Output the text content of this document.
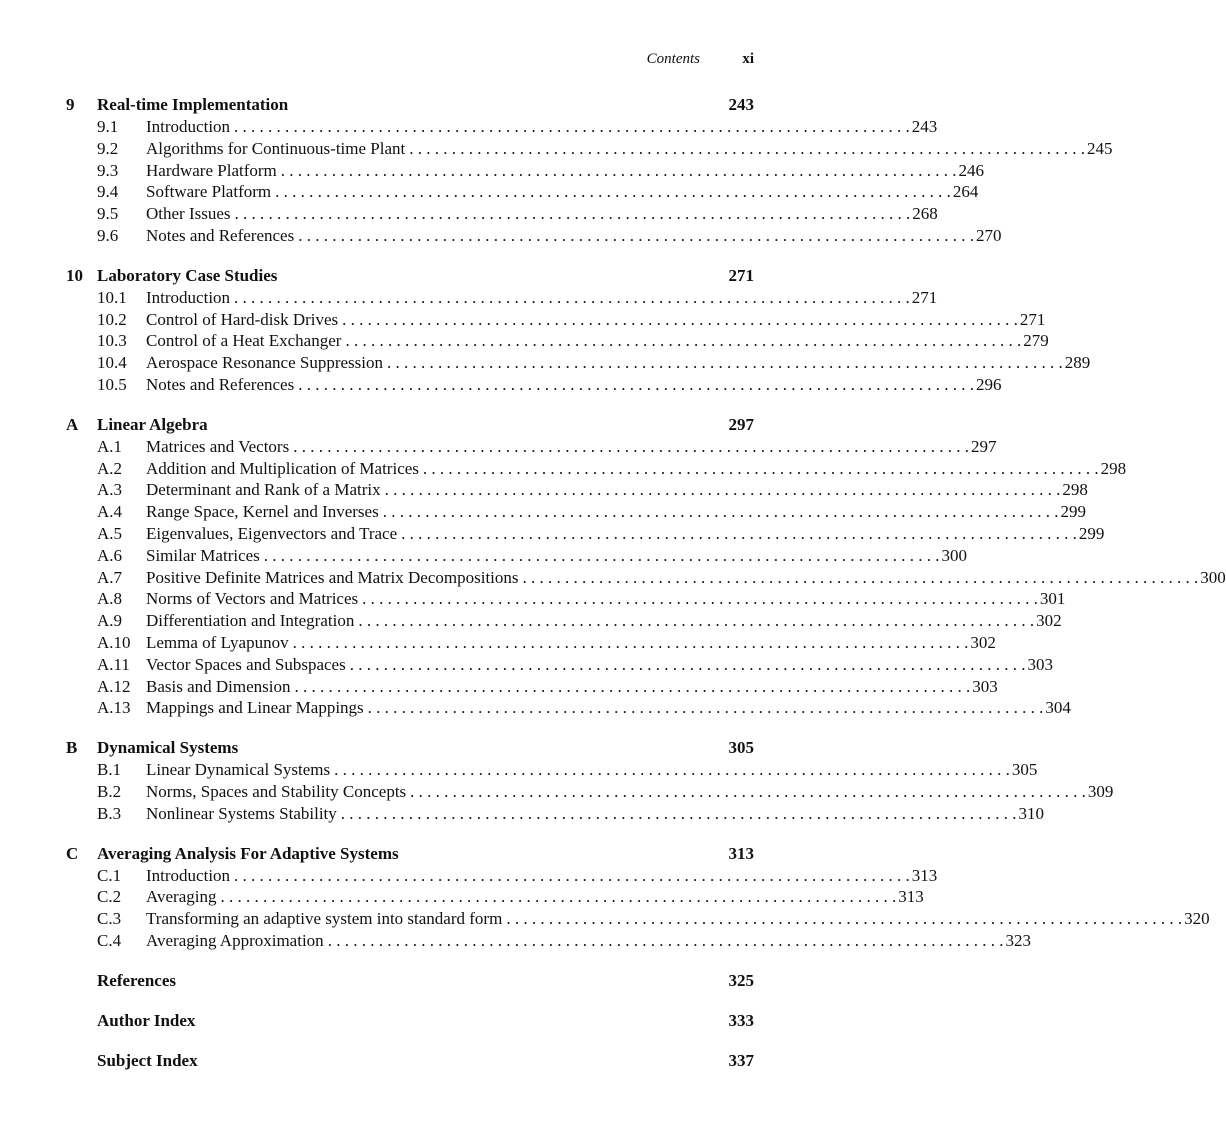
Contents	xi
9 Real-time Implementation	243
9.1 Introduction . . . . . . . . . . . . . . . . . . . . . . . . . . . . . . . . . . . . . . . . . . . . . . . . . . . . . . . . . . . . . . . . . . . . . . . . . . . . . . . . 243
9.2 Algorithms for Continuous-time Plant . . . . . . . . . . . . . . . . . . . . . . . . . . . . . . . . . . . . . . . . . . . . . . . . . . . . . . . . . . . . . . . . . . . . . . . . . . . . . . . . 245
9.3 Hardware Platform . . . . . . . . . . . . . . . . . . . . . . . . . . . . . . . . . . . . . . . . . . . . . . . . . . . . . . . . . . . . . . . . . . . . . . . . . . . . . . . . 246
9.4 Software Platform . . . . . . . . . . . . . . . . . . . . . . . . . . . . . . . . . . . . . . . . . . . . . . . . . . . . . . . . . . . . . . . . . . . . . . . . . . . . . . . . 264
9.5 Other Issues . . . . . . . . . . . . . . . . . . . . . . . . . . . . . . . . . . . . . . . . . . . . . . . . . . . . . . . . . . . . . . . . . . . . . . . . . . . . . . . . 268
9.6 Notes and References . . . . . . . . . . . . . . . . . . . . . . . . . . . . . . . . . . . . . . . . . . . . . . . . . . . . . . . . . . . . . . . . . . . . . . . . . . . . . . . . 270
10 Laboratory Case Studies	271
10.1 Introduction . . . . . . . . . . . . . . . . . . . . . . . . . . . . . . . . . . . . . . . . . . . . . . . . . . . . . . . . . . . . . . . . . . . . . . . . . . . . . . . . 271
10.2 Control of Hard-disk Drives . . . . . . . . . . . . . . . . . . . . . . . . . . . . . . . . . . . . . . . . . . . . . . . . . . . . . . . . . . . . . . . . . . . . . . . . . . . . . . . . 271
10.3 Control of a Heat Exchanger . . . . . . . . . . . . . . . . . . . . . . . . . . . . . . . . . . . . . . . . . . . . . . . . . . . . . . . . . . . . . . . . . . . . . . . . . . . . . . . . 279
10.4 Aerospace Resonance Suppression . . . . . . . . . . . . . . . . . . . . . . . . . . . . . . . . . . . . . . . . . . . . . . . . . . . . . . . . . . . . . . . . . . . . . . . . . . . . . . . . 289
10.5 Notes and References . . . . . . . . . . . . . . . . . . . . . . . . . . . . . . . . . . . . . . . . . . . . . . . . . . . . . . . . . . . . . . . . . . . . . . . . . . . . . . . . 296
A Linear Algebra	297
A.1 Matrices and Vectors . . . . . . . . . . . . . . . . . . . . . . . . . . . . . . . . . . . . . . . . . . . . . . . . . . . . . . . . . . . . . . . . . . . . . . . . . . . . . . . . 297
A.2 Addition and Multiplication of Matrices . . . . . . . . . . . . . . . . . . . . . . . . . . . . . . . . . . . . . . . . . . . . . . . . . . . . . . . . . . . . . . . . . . . . . . . . . . . . . . . . 298
A.3 Determinant and Rank of a Matrix . . . . . . . . . . . . . . . . . . . . . . . . . . . . . . . . . . . . . . . . . . . . . . . . . . . . . . . . . . . . . . . . . . . . . . . . . . . . . . . . 298
A.4 Range Space, Kernel and Inverses . . . . . . . . . . . . . . . . . . . . . . . . . . . . . . . . . . . . . . . . . . . . . . . . . . . . . . . . . . . . . . . . . . . . . . . . . . . . . . . . 299
A.5 Eigenvalues, Eigenvectors and Trace . . . . . . . . . . . . . . . . . . . . . . . . . . . . . . . . . . . . . . . . . . . . . . . . . . . . . . . . . . . . . . . . . . . . . . . . . . . . . . . . 299
A.6 Similar Matrices . . . . . . . . . . . . . . . . . . . . . . . . . . . . . . . . . . . . . . . . . . . . . . . . . . . . . . . . . . . . . . . . . . . . . . . . . . . . . . . . 300
A.7 Positive Definite Matrices and Matrix Decompositions . . . . . . . . . . . . . . . . . . . . . . . . . . . . . . . . . . . . . . . . . . . . . . . . . . . . . . . . . . . . . . . . . . . . . . . . . . . . . . . . 300
A.8 Norms of Vectors and Matrices . . . . . . . . . . . . . . . . . . . . . . . . . . . . . . . . . . . . . . . . . . . . . . . . . . . . . . . . . . . . . . . . . . . . . . . . . . . . . . . . 301
A.9 Differentiation and Integration . . . . . . . . . . . . . . . . . . . . . . . . . . . . . . . . . . . . . . . . . . . . . . . . . . . . . . . . . . . . . . . . . . . . . . . . . . . . . . . . 302
A.10 Lemma of Lyapunov . . . . . . . . . . . . . . . . . . . . . . . . . . . . . . . . . . . . . . . . . . . . . . . . . . . . . . . . . . . . . . . . . . . . . . . . . . . . . . . . 302
A.11 Vector Spaces and Subspaces . . . . . . . . . . . . . . . . . . . . . . . . . . . . . . . . . . . . . . . . . . . . . . . . . . . . . . . . . . . . . . . . . . . . . . . . . . . . . . . . 303
A.12 Basis and Dimension . . . . . . . . . . . . . . . . . . . . . . . . . . . . . . . . . . . . . . . . . . . . . . . . . . . . . . . . . . . . . . . . . . . . . . . . . . . . . . . . 303
A.13 Mappings and Linear Mappings . . . . . . . . . . . . . . . . . . . . . . . . . . . . . . . . . . . . . . . . . . . . . . . . . . . . . . . . . . . . . . . . . . . . . . . . . . . . . . . . 304
B Dynamical Systems	305
B.1 Linear Dynamical Systems . . . . . . . . . . . . . . . . . . . . . . . . . . . . . . . . . . . . . . . . . . . . . . . . . . . . . . . . . . . . . . . . . . . . . . . . . . . . . . . . 305
B.2 Norms, Spaces and Stability Concepts . . . . . . . . . . . . . . . . . . . . . . . . . . . . . . . . . . . . . . . . . . . . . . . . . . . . . . . . . . . . . . . . . . . . . . . . . . . . . . . . 309
B.3 Nonlinear Systems Stability . . . . . . . . . . . . . . . . . . . . . . . . . . . . . . . . . . . . . . . . . . . . . . . . . . . . . . . . . . . . . . . . . . . . . . . . . . . . . . . . 310
C Averaging Analysis For Adaptive Systems	313
C.1 Introduction . . . . . . . . . . . . . . . . . . . . . . . . . . . . . . . . . . . . . . . . . . . . . . . . . . . . . . . . . . . . . . . . . . . . . . . . . . . . . . . . 313
C.2 Averaging . . . . . . . . . . . . . . . . . . . . . . . . . . . . . . . . . . . . . . . . . . . . . . . . . . . . . . . . . . . . . . . . . . . . . . . . . . . . . . . . 313
C.3 Transforming an adaptive system into standard form . . . . . . . . . . . . . . . . . . . . . . . . . . . . . . . . . . . . . . . . . . . . . . . . . . . . . . . . . . . . . . . . . . . . . . . . . . . . . . . . 320
C.4 Averaging Approximation . . . . . . . . . . . . . . . . . . . . . . . . . . . . . . . . . . . . . . . . . . . . . . . . . . . . . . . . . . . . . . . . . . . . . . . . . . . . . . . . 323
References	325
Author Index	333
Subject Index	337
